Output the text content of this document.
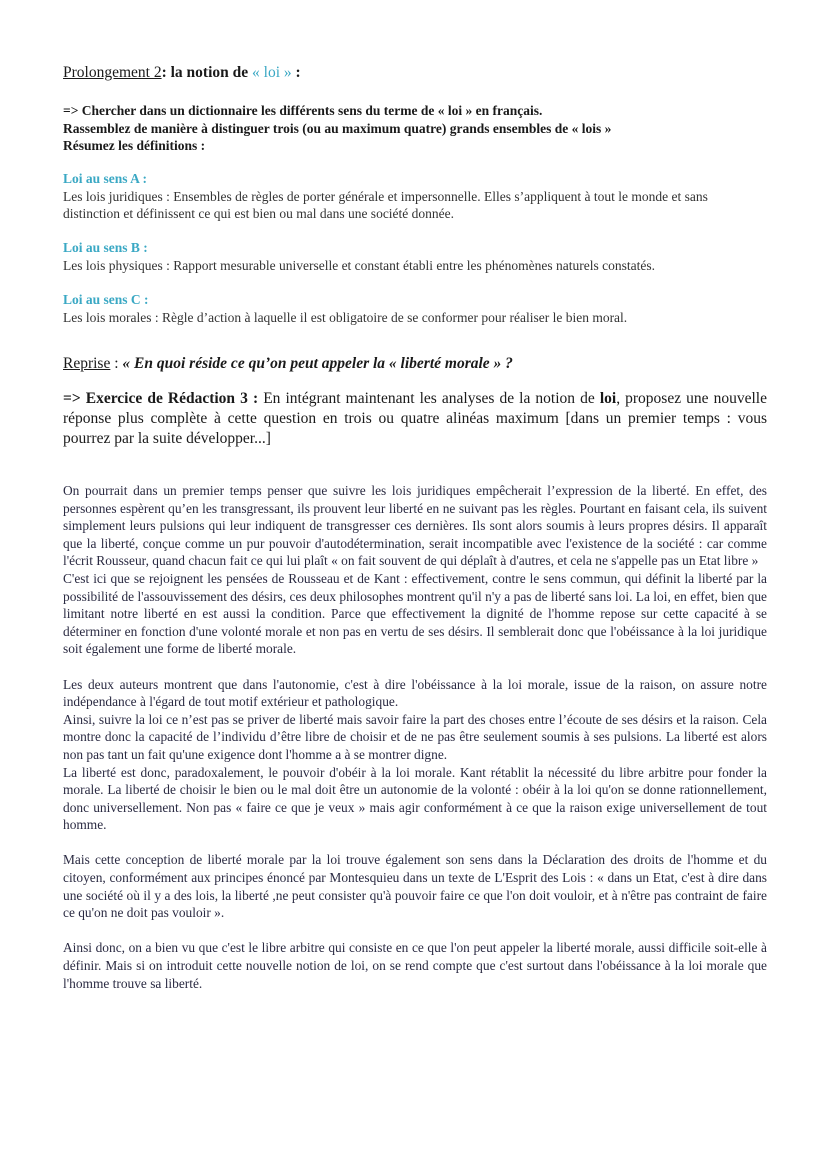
Prolongement 2: la notion de « loi » :

=> Chercher dans un dictionnaire les différents sens du terme de « loi » en français.

Rassemblez de manière à distinguer trois (ou au maximum quatre) grands ensembles de « lois »

Résumez les définitions :

Loi au sens A :

Les lois juridiques : Ensembles de règles de porter générale et impersonnelle. Elles s’appliquent à tout le monde et sans distinction et définissent ce qui est bien ou mal dans une société donnée.

Loi au sens B :

Les lois physiques : Rapport mesurable universelle et constant établi entre les phénomènes naturels constatés.

Loi au sens C :

Les lois morales : Règle d’action à laquelle il est obligatoire de se conformer pour réaliser le bien moral.

Reprise : « En quoi réside ce qu’on peut appeler la « liberté morale » ?

=> Exercice de Rédaction 3 : En intégrant maintenant les analyses de la notion de loi, proposez une nouvelle réponse plus complète à cette question en trois ou quatre alinéas maximum [dans un premier temps : vous pourrez par la suite développer...]

On pourrait dans un premier temps penser que suivre les lois juridiques empêcherait l’expression de la liberté. En effet, des personnes espèrent qu’en les transgressant, ils prouvent leur liberté en ne suivant pas les règles. Pourtant en faisant cela, ils suivent simplement leurs pulsions qui leur indiquent de transgresser ces dernières. Ils sont alors soumis à leurs propres désirs. Il apparaît que la liberté, conçue comme un pur pouvoir d'autodétermination, serait incompatible avec l'existence de la société : car comme l'écrit Rousseur, quand chacun fait ce qui lui plaît « on fait souvent de qui déplaît à d'autres, et cela ne s'appelle pas un Etat libre »

C'est ici que se rejoignent les pensées de Rousseau et de Kant : effectivement, contre le sens commun, qui définit la liberté par la possibilité de l'assouvissement des désirs, ces deux philosophes montrent qu'il n'y a pas de liberté sans loi. La loi, en effet, bien que limitant notre liberté en est aussi la condition. Parce que effectivement la dignité de l'homme repose sur cette capacité à se déterminer en fonction d'une volonté morale et non pas en vertu de ses désirs. Il semblerait donc que l'obéissance à la loi juridique soit également une forme de liberté morale.

Les deux auteurs montrent que dans l'autonomie, c'est à dire l'obéissance à la loi morale, issue de la raison, on assure notre indépendance à l'égard de tout motif extérieur et pathologique.

Ainsi, suivre la loi ce n’est pas se priver de liberté mais savoir faire la part des choses entre l’écoute de ses désirs et la raison. Cela montre donc la capacité de l’individu d’être libre de choisir et de ne pas être seulement soumis à ses pulsions. La liberté est alors non pas tant un fait qu'une exigence dont l'homme a à se montrer digne.

La liberté est donc, paradoxalement, le pouvoir d'obéir à la loi morale. Kant rétablit la nécessité du libre arbitre pour fonder la morale. La liberté de choisir le bien ou le mal doit être un autonomie de la volonté : obéir à la loi qu'on se donne rationnellement, donc universellement. Non pas « faire ce que je veux » mais agir conformément à ce que la raison exige universellement de tout homme.

Mais cette conception de liberté morale par la loi trouve également son sens dans la Déclaration des droits de l'homme et du citoyen, conformément aux principes énoncé par Montesquieu dans un texte de L'Esprit des Lois : « dans un Etat, c'est à dire dans une société où il y a des lois, la liberté ,ne peut consister qu'à pouvoir faire ce que l'on doit vouloir, et à n'être pas contraint de faire ce qu'on ne doit pas vouloir ».

Ainsi donc, on a bien vu que c'est le libre arbitre qui consiste en ce que l'on peut appeler la liberté morale, aussi difficile soit-elle à définir. Mais si on introduit cette nouvelle notion de loi, on se rend compte que c'est surtout dans l'obéissance à la loi morale que l'homme trouve sa liberté.
